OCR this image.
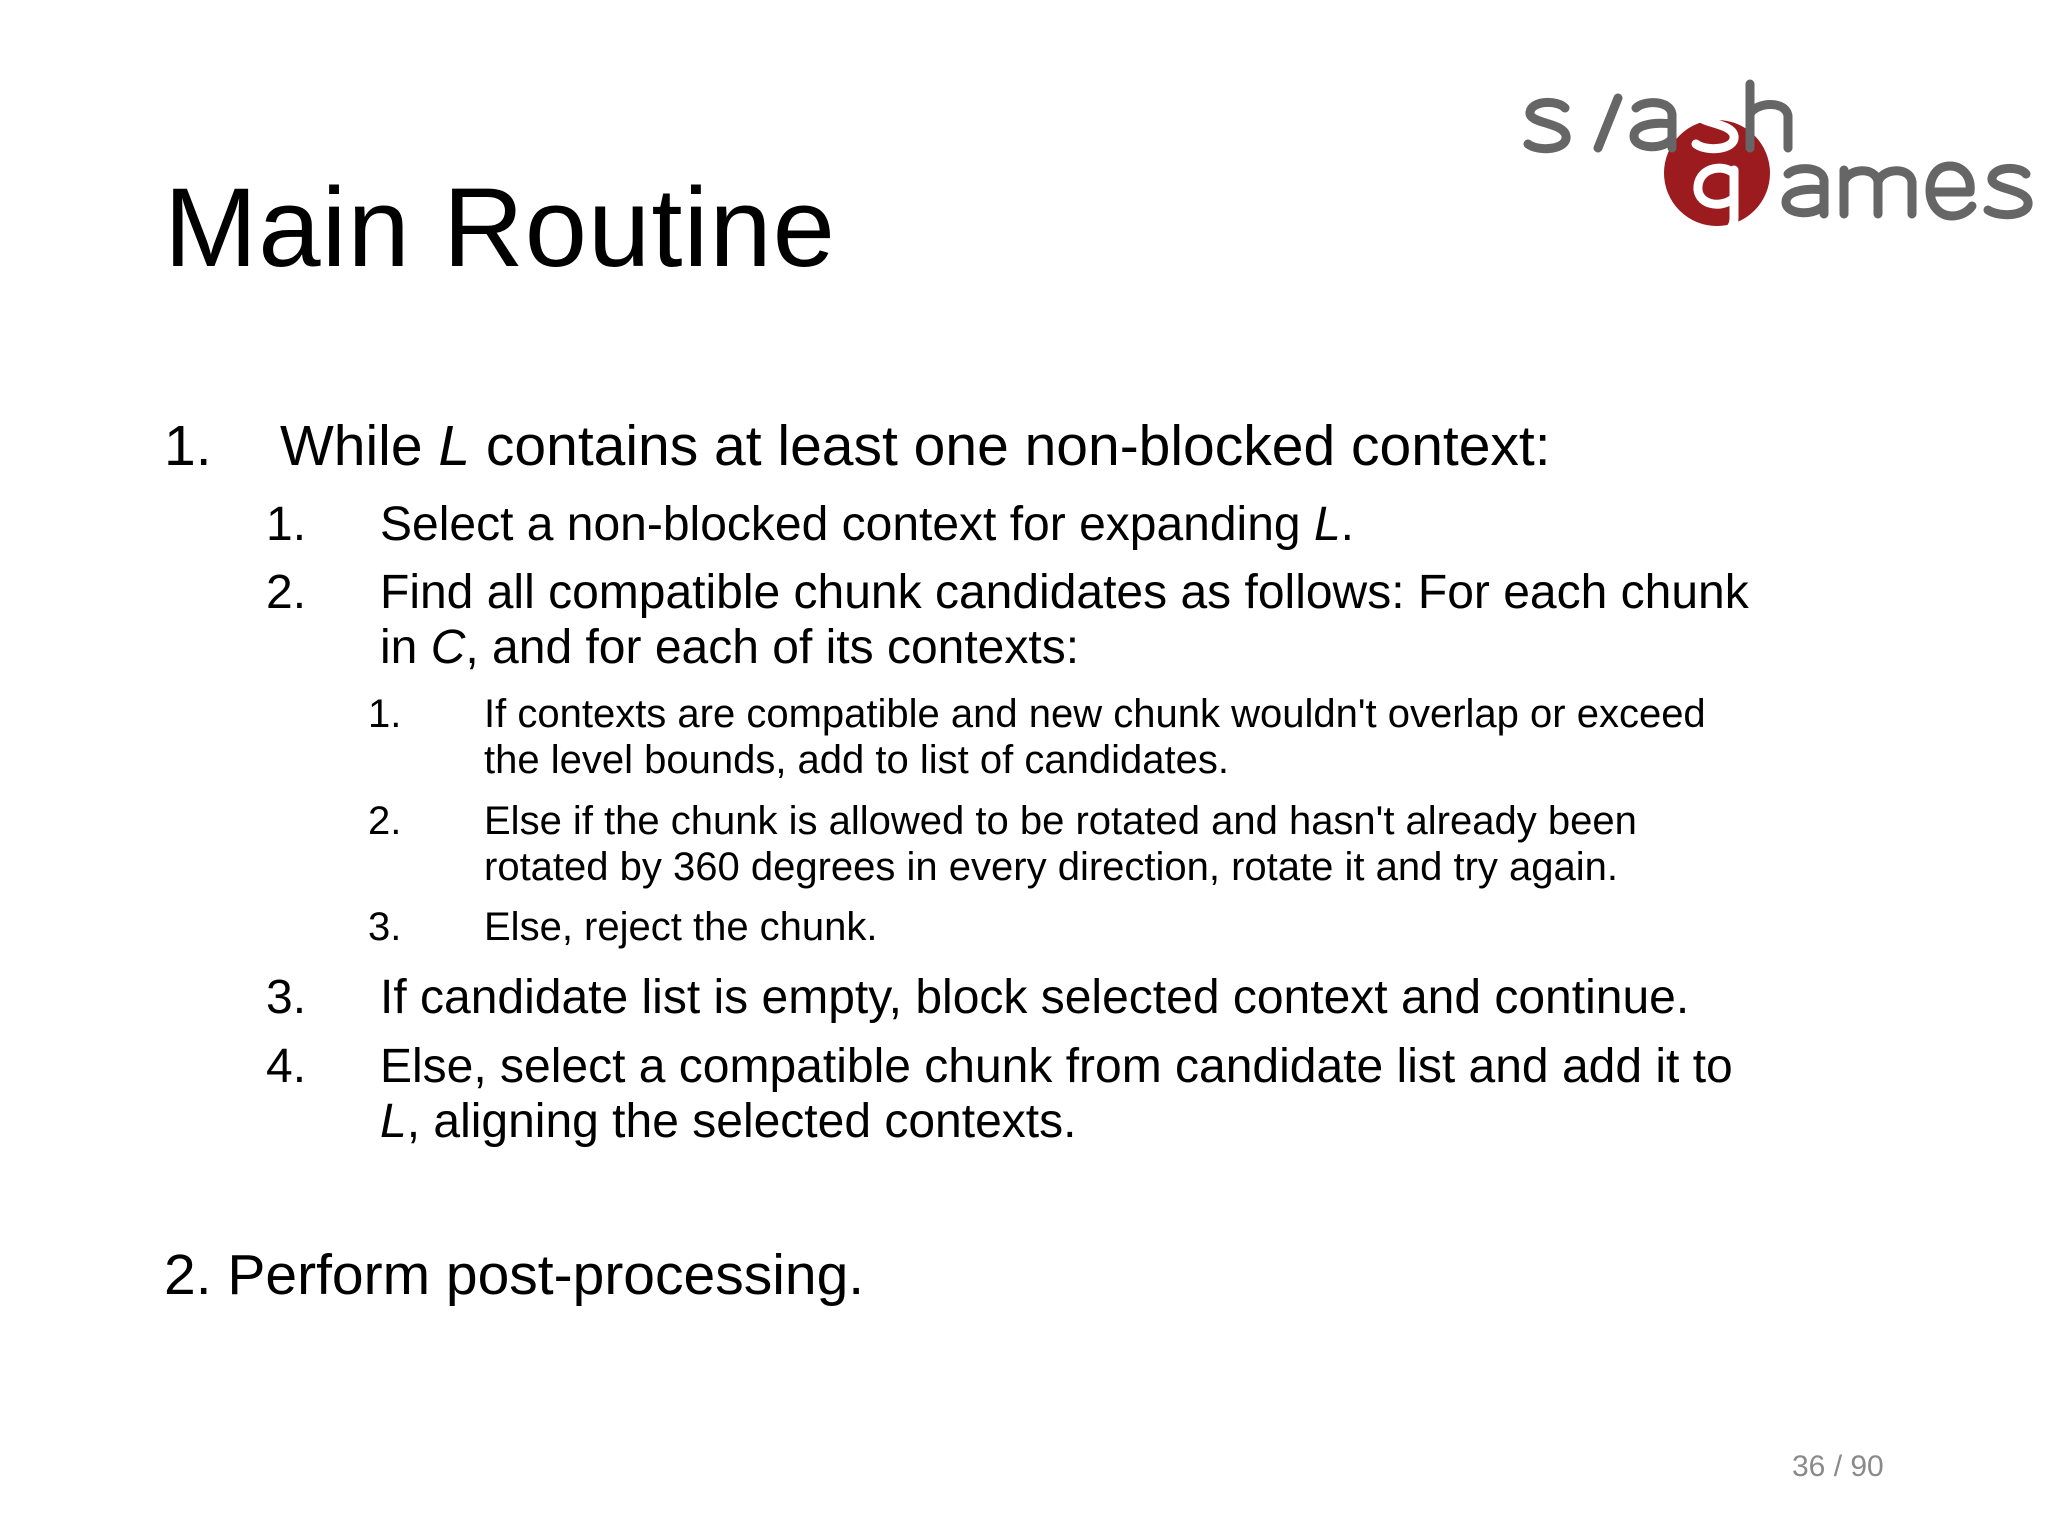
Main Routine
1. While L contains at least one non-blocked context:
1. Select a non-blocked context for expanding L.
2. Find all compatible chunk candidates as follows: For each chunk
in C, and for each of its contexts:
1. If contexts are compatible and new chunk wouldn't overlap or exceed
the level bounds, add to list of candidates.
2. Else if the chunk is allowed to be rotated and hasn't already been
rotated by 360 degrees in every direction, rotate it and try again.
3. Else, reject the chunk.
3. If candidate list is empty, block selected context and continue.
4. Else, select a compatible chunk from candidate list and add it to
L, aligning the selected contexts.
2. Perform post-processing.
36 / 90
